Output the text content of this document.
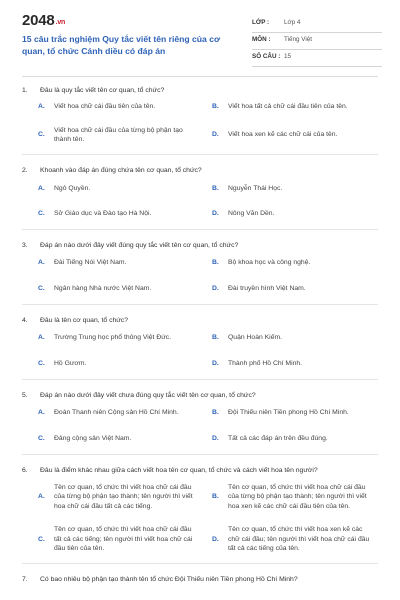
2048.vn
15 câu trắc nghiệm Quy tắc viết tên riêng của cơ quan, tổ chức Cánh diều có đáp án
LỚP : Lớp 4
MÔN : Tiếng Việt
SỐ CÂU : 15
1. Đâu là quy tắc viết tên cơ quan, tổ chức?
A. Viết hoa chữ cái đầu tiên của tên.	B. Viết hoa tất cả chữ cái đầu tiên của tên.
C.
Viết hoa chữ cái đầu của từng bộ phận tạo thành tên.
D. Viết hoa xen kẽ các chữ cái của tên.
2. Khoanh vào đáp án đúng chứa tên cơ quan, tổ chức?
A. Ngô Quyền.	B. Nguyễn Thái Học.
C. Sở Giáo dục và Đào tạo Hà Nội.	D. Nông Văn Dền.
3. Đáp án nào dưới đây viết đúng quy tắc viết tên cơ quan, tổ chức?
A. Đài Tiếng Nói Việt Nam.	B. Bộ khoa học và công nghệ.
C. Ngân hàng Nhà nước Việt Nam.	D. Đài truyền hình Việt Nam.
4. Đâu là tên cơ quan, tổ chức?
A. Trường Trung học phổ thông Việt Đức.	B. Quận Hoàn Kiếm.
C. Hồ Gươm.	D. Thành phố Hồ Chí Minh.
5. Đáp án nào dưới đây viết chưa đúng quy tắc viết tên cơ quan, tổ chức?
A. Đoàn Thanh niên Cộng sản Hồ Chí Minh.	B. Đội Thiếu niên Tiền phong Hồ Chí Minh.
C. Đảng cộng sản Việt Nam.	D. Tất cả các đáp án trên đều đúng.
6. Đâu là điểm khác nhau giữa cách viết hoa tên cơ quan, tổ chức và cách viết hoa tên người?
A.
Tên cơ quan, tổ chức thì viết hoa chữ cái đầu của từng bộ phận tạo thành; tên người thì viết hoa chữ cái đầu tất cả các tiếng.
B.
Tên cơ quan, tổ chức thì viết hoa chữ cái đầu của từng bộ phận tạo thành; tên người thì viết hoa xen kẽ các chữ cái đầu tiên của tên.
C.
Tên cơ quan, tổ chức thì viết hoa chữ cái đầu tất cả các tiếng; tên người thì viết hoa chữ cái đầu tiên của tên.
D.
Tên cơ quan, tổ chức thì viết hoa xen kẽ các chữ cái đầu; tên người thì viết hoa chữ cái đầu tất cả các tiếng của tên.
7. Có bao nhiêu bộ phận tạo thành tên tổ chức Đội Thiếu niên Tiền phong Hồ Chí Minh?
